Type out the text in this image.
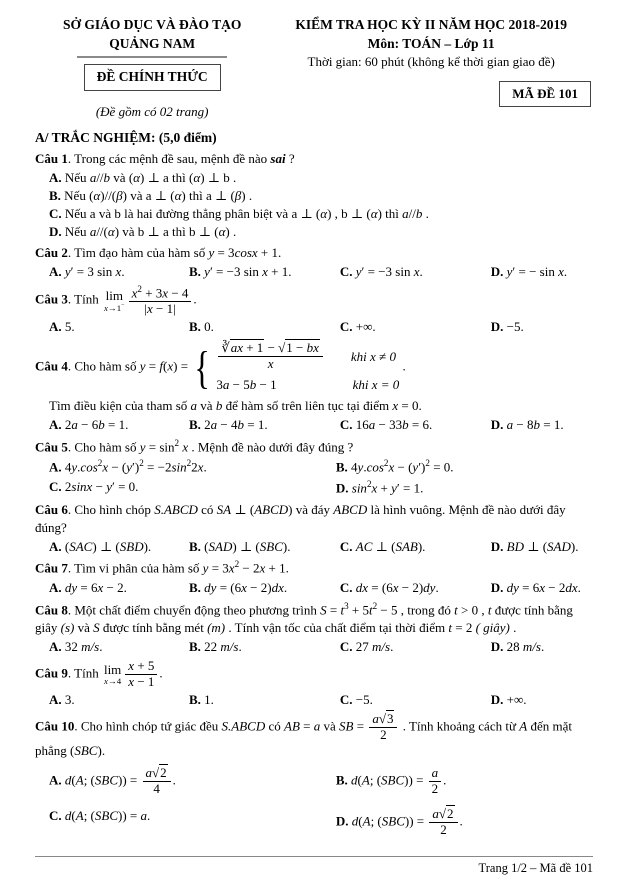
SỞ GIÁO DỤC VÀ ĐÀO TẠO
QUẢNG NAM
ĐỀ CHÍNH THỨC
(Đề gồm có 02 trang)
KIỂM TRA HỌC KỲ II NĂM HỌC 2018-2019
Môn: TOÁN – Lớp 11
Thời gian: 60 phút (không kể thời gian giao đề)
MÃ ĐỀ 101
A/ TRẮC NGHIỆM: (5,0 điểm)
Câu 1. Trong các mệnh đề sau, mệnh đề nào sai ?
A. Nếu a//b và (α) ⊥ a thì (α) ⊥ b .
B. Nếu (α)//(β) và a ⊥ (α) thì a ⊥ (β) .
C. Nếu a và b là hai đường thẳng phân biệt và a ⊥ (α) , b ⊥ (α) thì a//b .
D. Nếu a//(α) và b ⊥ a thì b ⊥ (α) .
Câu 2. Tìm đạo hàm của hàm số y = 3cosx + 1.
A. y′ = 3 sin x.	B. y′ = −3 sin x + 1.	C. y′ = −3 sin x.	D. y′ = − sin x.
Câu 3. Tính lim
$x\to 1^- \frac{x^2 + 3x - 4}{|x - 1|}$ .
A. 5.	B. 0.	C. +∞.	D. −5.
Câu 4. Cho hàm số y = f(x) = { ∛ax + 1 − √1 − bx
x	khi x ≠ 0
3a − 5b − 1	khi x = 0
.
Tìm điều kiện của tham số a và b để hàm số trên liên tục tại điểm x = 0.
A. 2a − 6b = 1.	B. 2a − 4b = 1.	C. 16a − 33b = 6.	D. a − 8b = 1.
Câu 5. Cho hàm số $y = \sin^2 x$ . Mệnh đề nào dưới đây đúng ?
A. $4y.\cos^2x - (y')^2 = -2\sin^22x$.	B. $4y.\cos^2x - (y')^2 = 0$.
C. 2sinx − y′ = 0.	D. $\sin^2x + y' = 1$.
Câu 6. Cho hình chóp S.ABCD có SA ⊥ (ABCD) và đáy ABCD là hình vuông. Mệnh đề nào dưới đây đúng?
A. (SAC) ⊥ (SBD).	B. (SAD) ⊥ (SBC).	C. AC ⊥ (SAB).	D. BD ⊥ (SAD).
Câu 7. Tìm vi phân của hàm số $y = 3x^2 - 2x + 1$.
A. dy = 6x − 2.	B. dy = (6x − 2)dx.	C. dx = (6x − 2)dy.	D. dy = 6x − 2dx.
Câu 8. Một chất điểm chuyển động theo phương trình $S = t^3 + 5t^2 - 5$ , trong đó t > 0 , t được tính bằng giây (s) và S được tính bằng mét (m) . Tính vận tốc của chất điểm tại thời điểm t = 2 ( giây) .
A. 32 m/s.	B. 22 m/s.	C. 27 m/s.	D. 28 m/s.
Câu 9. Tính lim
$x\to 4 \frac{x + 5}{x - 1}$ .
A. 3.	B. 1.	C. −5.	D. +∞.
Câu 10. Cho hình chóp tứ giác đều S.ABCD có AB = a và SB = $\frac{a√3}{2}$ . Tính khoảng cách từ A đến mặt phẳng (SBC).
A. d(A; $(SBC)) = \frac{a√2}{4}$ .	B. d(A; $(SBC)) = \frac{a}{2}$ .
C. d(A; (SBC)) = a.	D. d(A; $(SBC)) = \frac{a√2}{2}$ .
Trang 1/2 – Mã đề 101
